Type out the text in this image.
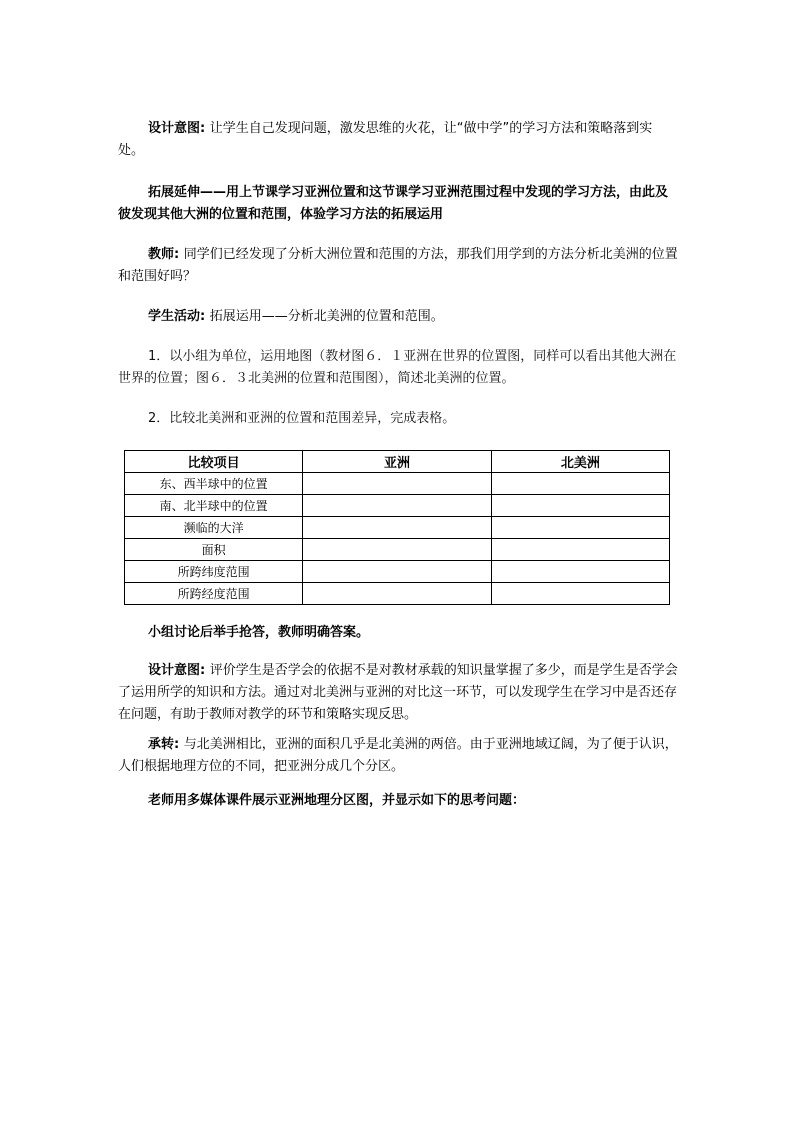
设计意图: 让学生自己发现问题，激发思维的火花，让“做中学”的学习方法和策略落到实处。

拓展延伸——用上节课学习亚洲位置和这节课学习亚洲范围过程中发现的学习方法，由此及彼发现其他大洲的位置和范围，体验学习方法的拓展运用

教师: 同学们已经发现了分析大洲位置和范围的方法，那我们用学到的方法分析北美洲的位置和范围好吗？

学生活动: 拓展运用——分析北美洲的位置和范围。

1．以小组为单位，运用地图（教材图６．１亚洲在世界的位置图，同样可以看出其他大洲在世界的位置；图６．３北美洲的位置和范围图），简述北美洲的位置。

2．比较北美洲和亚洲的位置和范围差异，完成表格。

比较项目	亚洲	北美洲
东、西半球中的位置		
南、北半球中的位置		
濒临的大洋		
面积		
所跨纬度范围		
所跨经度范围		

小组讨论后举手抢答，教师明确答案。

设计意图: 评价学生是否学会的依据不是对教材承载的知识量掌握了多少，而是学生是否学会了运用所学的知识和方法。通过对北美洲与亚洲的对比这一环节，可以发现学生在学习中是否还存在问题，有助于教师对教学的环节和策略实现反思。

承转: 与北美洲相比，亚洲的面积几乎是北美洲的两倍。由于亚洲地域辽阔，为了便于认识，人们根据地理方位的不同，把亚洲分成几个分区。

老师用多媒体课件展示亚洲地理分区图，并显示如下的思考问题：
